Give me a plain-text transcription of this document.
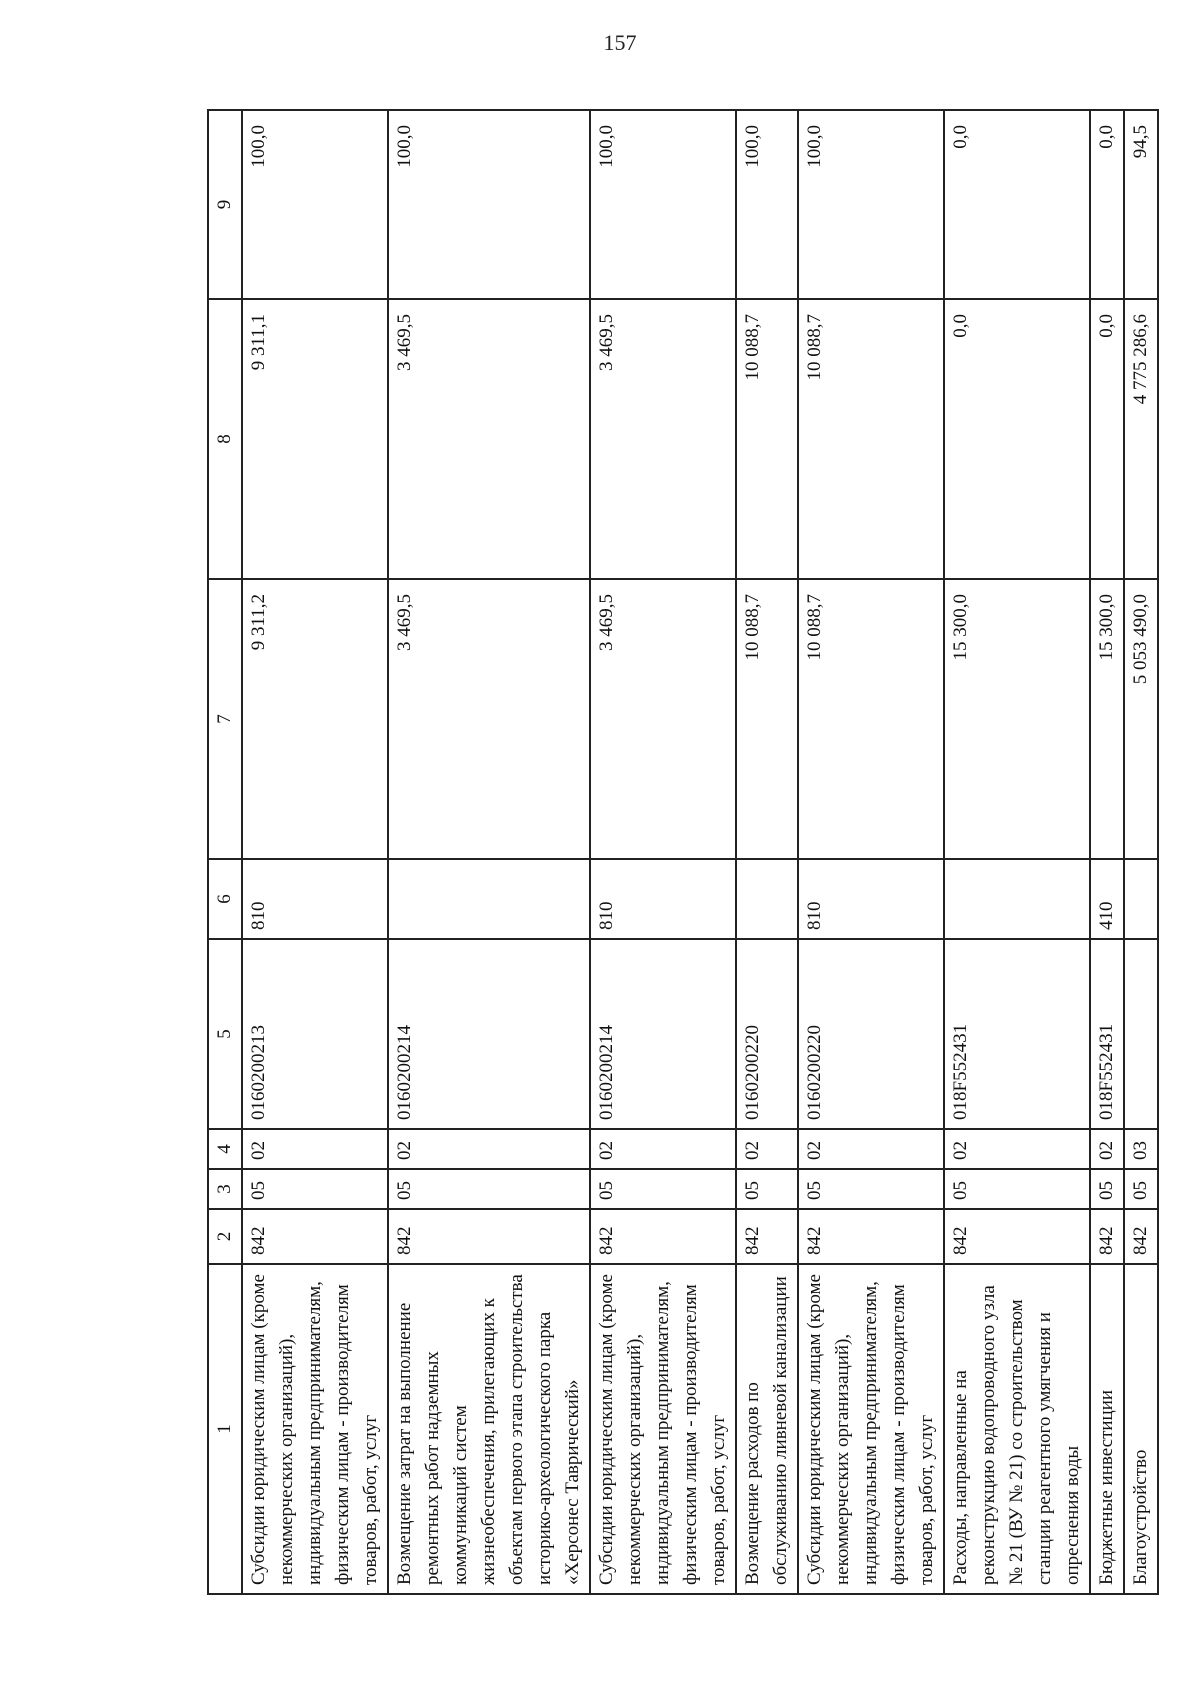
157
1	2	3	4	5	6	7	8	9
Субсидии юридическим лицам (кроме некоммерческих организаций), индивидуальным предпринимателям, физическим лицам - производителям товаров, работ, услуг	842	05	02	0160200213	810	9 311,2	9 311,1	100,0
Возмещение затрат на выполнение ремонтных работ надземных коммуникаций систем жизнеобеспечения, прилегающих к объектам первого этапа строительства историко-археологического парка «Херсонес Таврический»	842	05	02	0160200214		3 469,5	3 469,5	100,0
Субсидии юридическим лицам (кроме некоммерческих организаций), индивидуальным предпринимателям, физическим лицам - производителям товаров, работ, услуг	842	05	02	0160200214	810	3 469,5	3 469,5	100,0
Возмещение расходов по обслуживанию ливневой канализации	842	05	02	0160200220		10 088,7	10 088,7	100,0
Субсидии юридическим лицам (кроме некоммерческих организаций), индивидуальным предпринимателям, физическим лицам - производителям товаров, работ, услуг	842	05	02	0160200220	810	10 088,7	10 088,7	100,0
Расходы, направленные на реконструкцию водопроводного узла № 21 (ВУ № 21) со строительством станции реагентного умягчения и опреснения воды	842	05	02	018F552431		15 300,0	0,0	0,0
Бюджетные инвестиции	842	05	02	018F552431	410	15 300,0	0,0	0,0
Благоустройство	842	05	03			5 053 490,0	4 775 286,6	94,5
